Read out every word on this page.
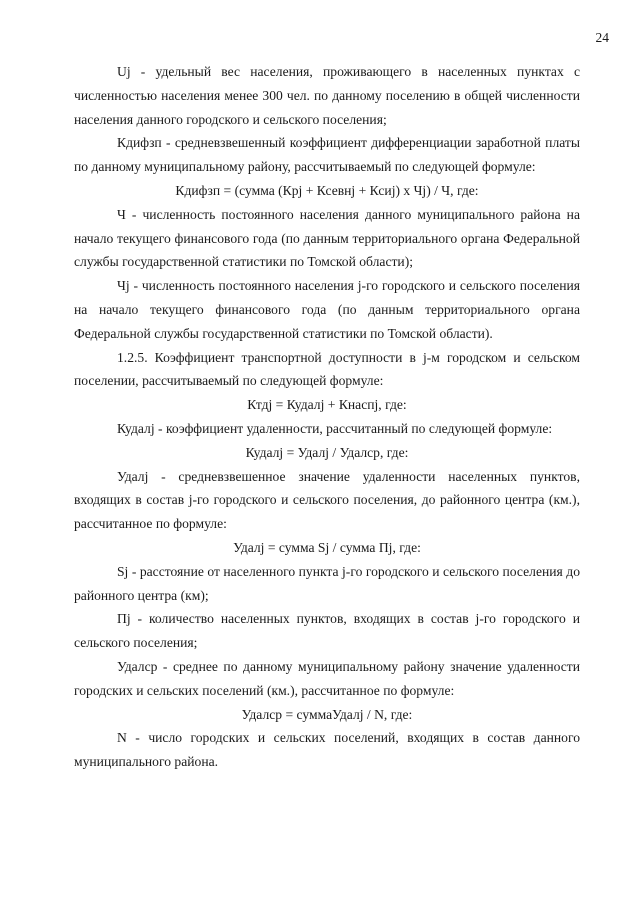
24

Uj - удельный вес населения, проживающего в населенных пунктах с численностью населения менее 300 чел. по данному поселению в общей численности населения данного городского и сельского поселения;

Кдифзп - средневзвешенный коэффициент дифференциации заработной платы по данному муниципальному району, рассчитываемый по следующей формуле:

Кдифзп = (сумма (Крj + Ксевнj + Ксиj) х Чj) / Ч, где:

Ч - численность постоянного населения данного муниципального района на начало текущего финансового года (по данным территориального органа Федеральной службы государственной статистики по Томской области);

Чj - численность постоянного населения j-го городского и сельского поселения на начало текущего финансового года (по данным территориального органа Федеральной службы государственной статистики по Томской области).

1.2.5. Коэффициент транспортной доступности в j-м городском и сельском поселении, рассчитываемый по следующей формуле:

Ктдj = Кудалj + Кнаспj, где:

Кудалj - коэффициент удаленности, рассчитанный по следующей формуле:

Кудалj = Удалj / Удалср, где:

Удалj - средневзвешенное значение удаленности населенных пунктов, входящих в состав j-го городского и сельского поселения, до районного центра (км.), рассчитанное по формуле:

Удалj = сумма Sj / сумма Пj, где:

Sj - расстояние от населенного пункта j-го городского и сельского поселения до районного центра (км);

Пj - количество населенных пунктов, входящих в состав j-го городского и сельского поселения;

Удалср - среднее по данному муниципальному району значение удаленности городских и сельских поселений (км.), рассчитанное по формуле:

Удалср = суммаУдалj / N, где:

N - число городских и сельских поселений, входящих в состав данного муниципального района.
